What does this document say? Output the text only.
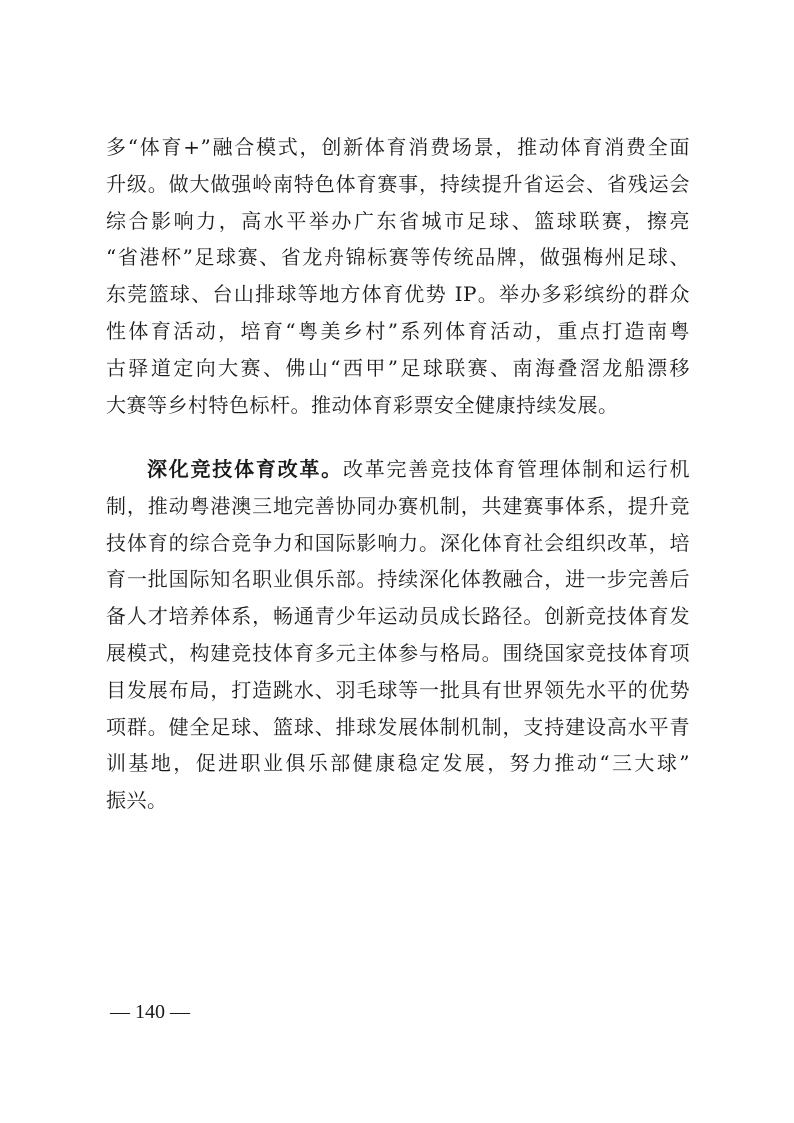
多“体育+”融合模式，创新体育消费场景，推动体育消费全面
升级。做大做强岭南特色体育赛事，持续提升省运会、省残运会
综合影响力，高水平举办广东省城市足球、篮球联赛，擦亮
“省港杯”足球赛、省龙舟锦标赛等传统品牌，做强梅州足球、
东莞篮球、台山排球等地方体育优势 IP。举办多彩缤纷的群众
性体育活动，培育“粤美乡村”系列体育活动，重点打造南粤
古驿道定向大赛、佛山“西甲”足球联赛、南海叠滘龙船漂移
大赛等乡村特色标杆。推动体育彩票安全健康持续发展。
深化竞技体育改革。改革完善竞技体育管理体制和运行机
制，推动粤港澳三地完善协同办赛机制，共建赛事体系，提升竞
技体育的综合竞争力和国际影响力。深化体育社会组织改革，培
育一批国际知名职业俱乐部。持续深化体教融合，进一步完善后
备人才培养体系，畅通青少年运动员成长路径。创新竞技体育发
展模式，构建竞技体育多元主体参与格局。围绕国家竞技体育项
目发展布局，打造跳水、羽毛球等一批具有世界领先水平的优势
项群。健全足球、篮球、排球发展体制机制，支持建设高水平青
训基地，促进职业俱乐部健康稳定发展，努力推动“三大球”
振兴。
— 140 —
